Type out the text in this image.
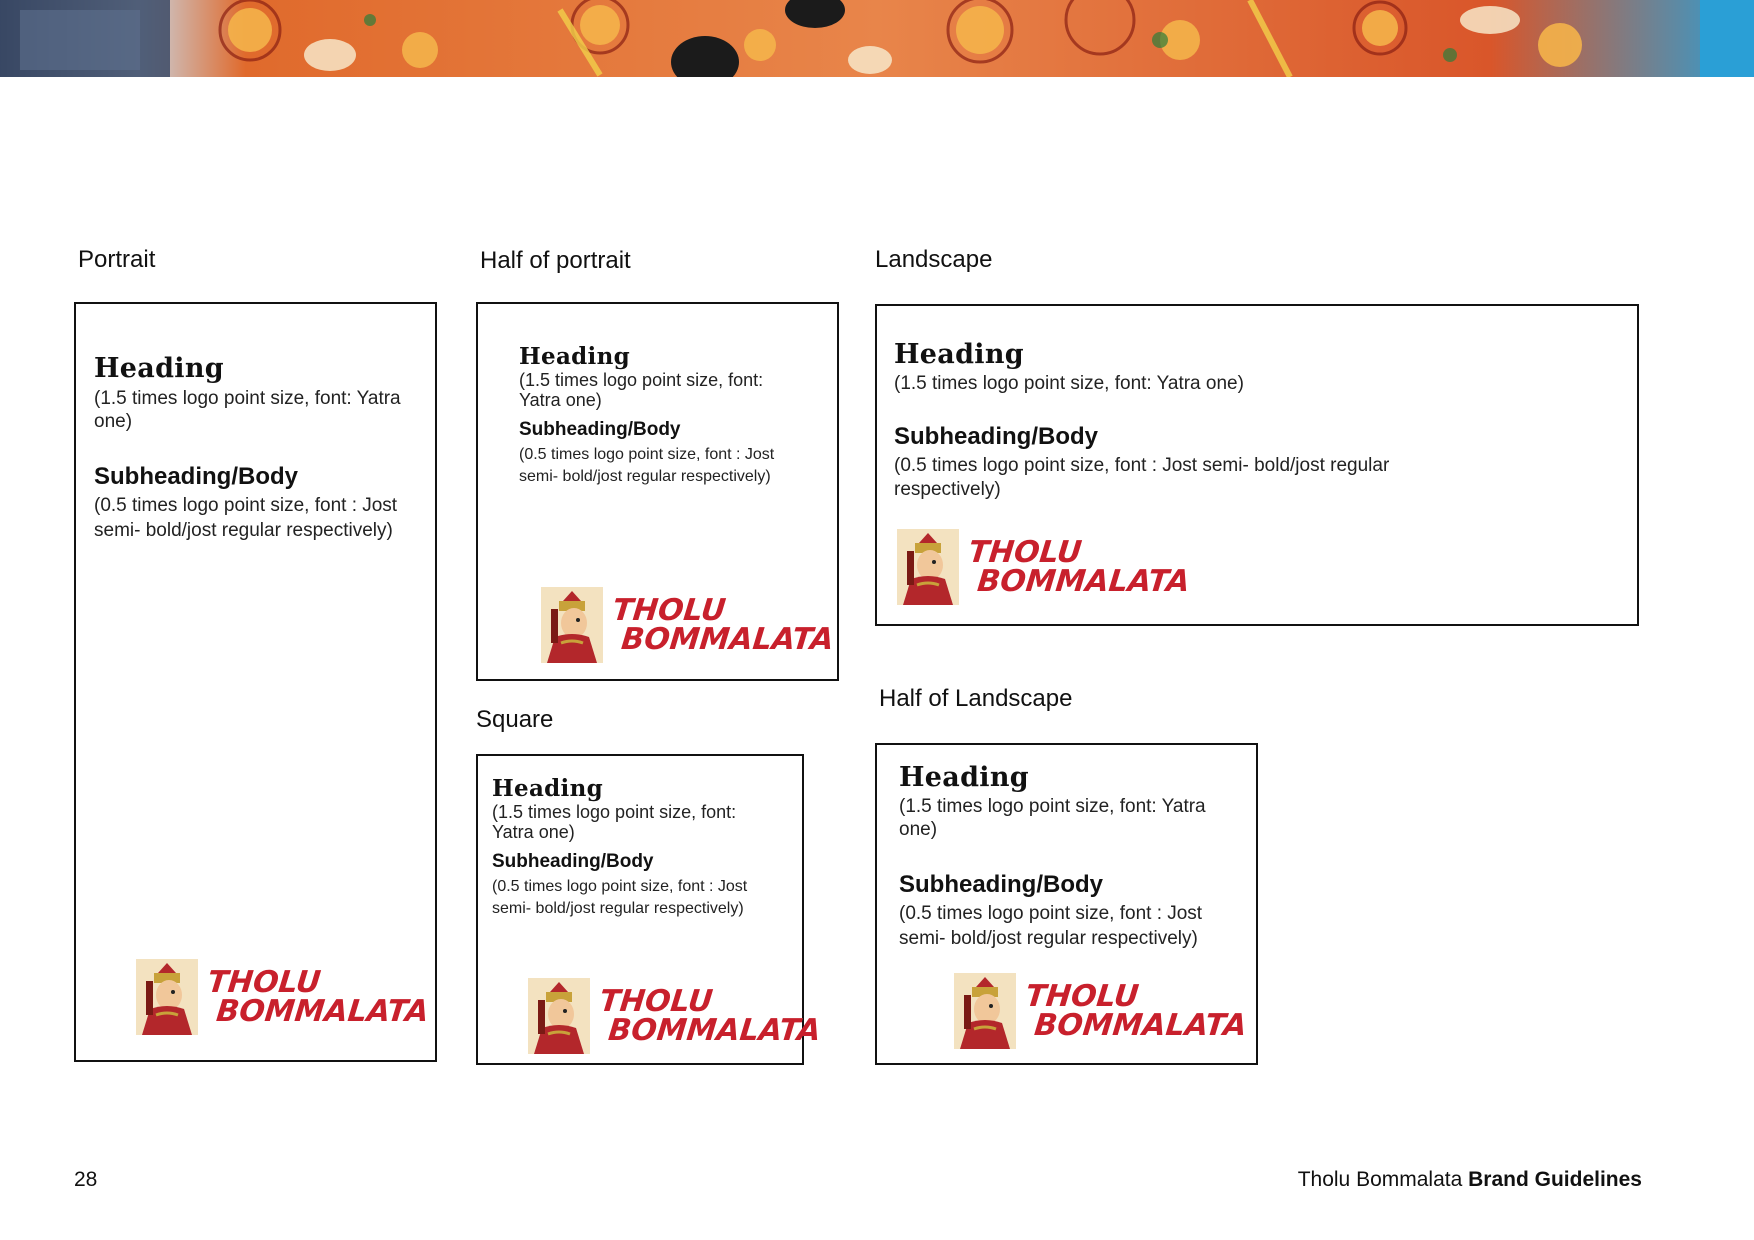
Portrait	Half of portrait	Landscape
Square
Half of Landscape
Heading
(1.5 times logo point size, font: Yatra one)
Subheading/Body
(0.5 times logo point size, font : Jost semi- bold/jost regular respectively)
THOLU
BOMMALATA
Heading
(1.5 times logo point size, font: Yatra one)
Subheading/Body
(0.5 times logo point size, font : Jost semi- bold/jost regular respectively)
THOLU
BOMMALATA
Heading
(1.5 times logo point size, font: Yatra one)
Subheading/Body
(0.5 times logo point size, font : Jost semi- bold/jost regular respectively)
THOLU
BOMMALATA
Heading
(1.5 times logo point size, font: Yatra one)
Subheading/Body
(0.5 times logo point size, font : Jost semi- bold/jost regular respectively)
THOLU
BOMMALATA
Heading
(1.5 times logo point size, font: Yatra one)
Subheading/Body
(0.5 times logo point size, font : Jost semi- bold/jost regular respectively)
THOLU
BOMMALATA
28	Tholu Bommalata Brand Guidelines
